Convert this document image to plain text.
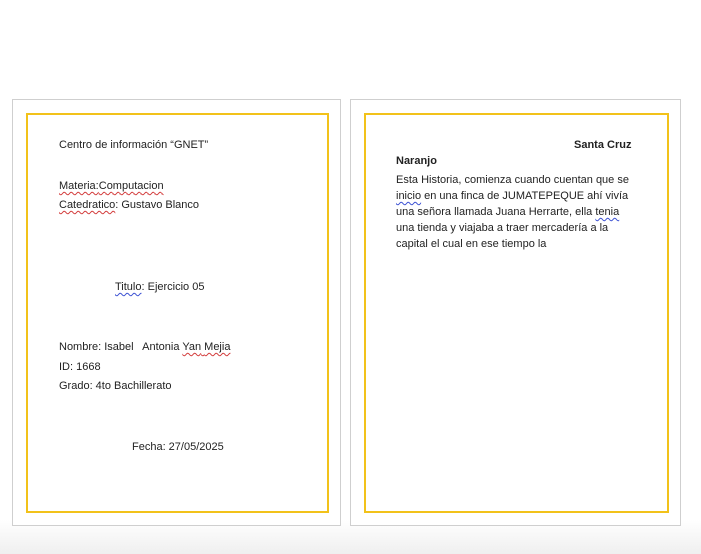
Centro de información “GNET”
Materia:Computacion
Catedratico: Gustavo Blanco
Titulo: Ejercicio 05
Nombre: Isabel   Antonia Yan Mejia
ID: 1668
Grado: 4to Bachillerato
Fecha: 27/05/2025
Santa Cruz
Naranjo
Esta Historia, comienza cuando cuentan que se
inicio en una finca de JUMATEPEQUE ahí vivía
una señora llamada Juana Herrarte, ella tenia
una tienda y viajaba a traer mercadería a la
capital el cual en ese tiempo la
